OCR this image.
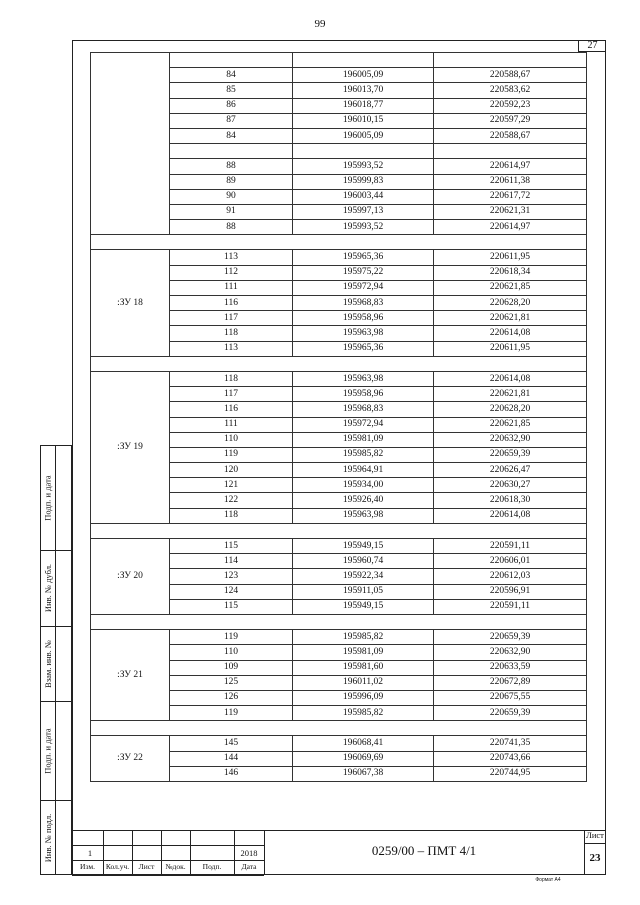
99
27

	84	196005,09	220588,67
	85	196013,70	220583,62
	86	196018,77	220592,23
	87	196010,15	220597,29
	84	196005,09	220588,67

	88	195993,52	220614,97
	89	195999,83	220611,38
	90	196003,44	220617,72
	91	195997,13	220621,31
	88	195993,52	220614,97

:ЗУ 18	113	195965,36	220611,95
	112	195975,22	220618,34
	111	195972,94	220621,85
	116	195968,83	220628,20
	117	195958,96	220621,81
	118	195963,98	220614,08
	113	195965,36	220611,95

:ЗУ 19	118	195963,98	220614,08
	117	195958,96	220621,81
	116	195968,83	220628,20
	111	195972,94	220621,85
	110	195981,09	220632,90
	119	195985,82	220659,39
	120	195964,91	220626,47
	121	195934,00	220630,27
	122	195926,40	220618,30
	118	195963,98	220614,08

:ЗУ 20	115	195949,15	220591,11
	114	195960,74	220606,01
	123	195922,34	220612,03
	124	195911,05	220596,91
	115	195949,15	220591,11

:ЗУ 21	119	195985,82	220659,39
	110	195981,09	220632,90
	109	195981,60	220633,59
	125	196011,02	220672,89
	126	195996,09	220675,55
	119	195985,82	220659,39

:ЗУ 22	145	196068,41	220741,35
	144	196069,69	220743,66
	146	196067,38	220744,95
Подп. и дата
Инв. № дубл.
Взам. инв. №
Подп. и дата
Инв. № подл.
Изм.	Кол.уч.	Лист	№док.	Подп.	Дата
0259/00 – ПМТ 4/1
Лист
23
1	2018
Формат А4
